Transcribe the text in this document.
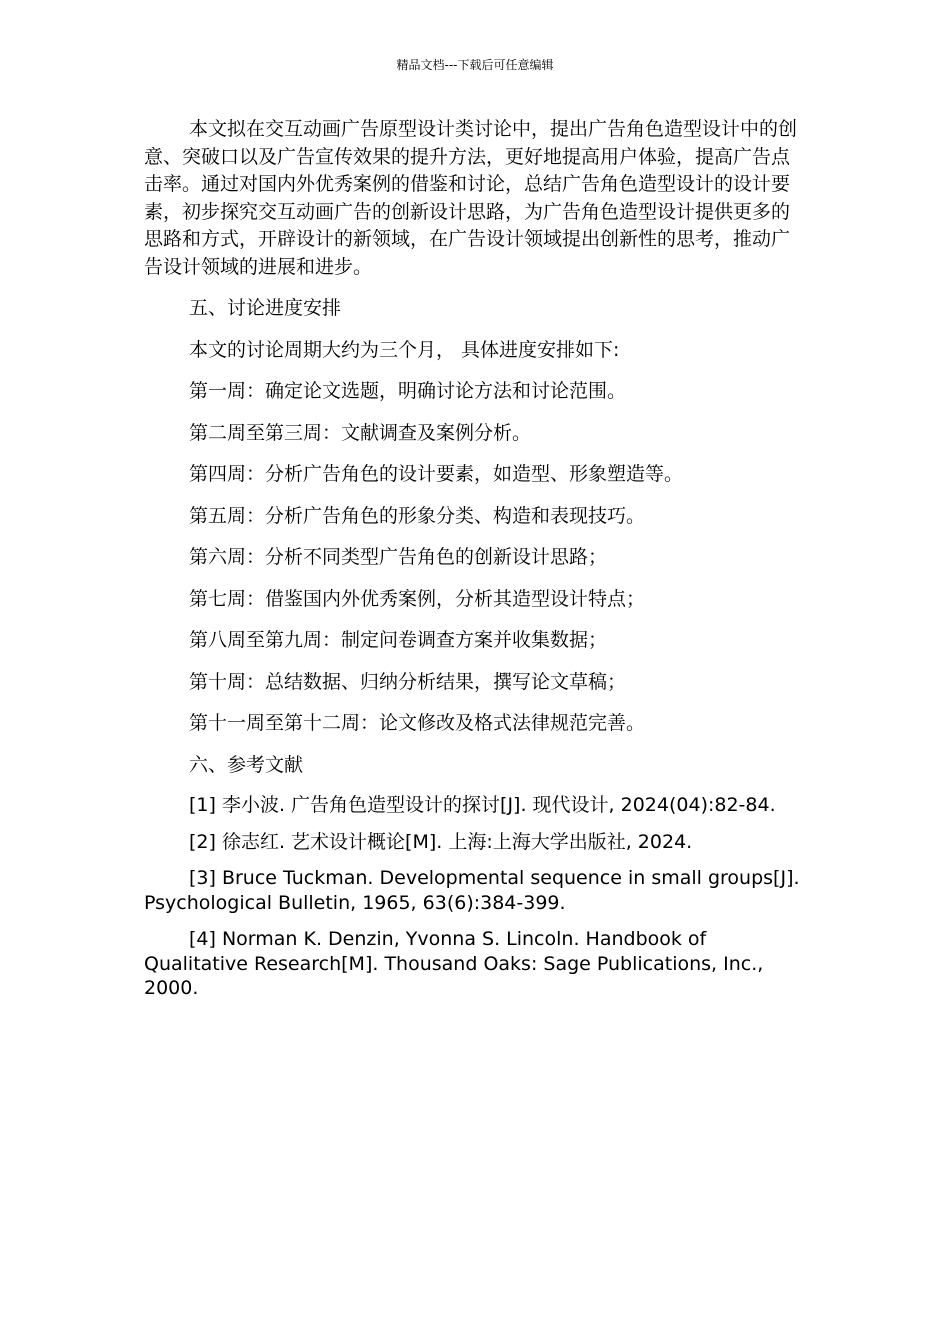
精品文档---下载后可任意编辑

本文拟在交互动画广告原型设计类讨论中，提出广告角色造型设计中的创意、突破口以及广告宣传效果的提升方法，更好地提高用户体验，提高广告点击率。通过对国内外优秀案例的借鉴和讨论，总结广告角色造型设计的设计要素，初步探究交互动画广告的创新设计思路，为广告角色造型设计提供更多的思路和方式，开辟设计的新领域，在广告设计领域提出创新性的思考，推动广告设计领域的进展和进步。

五、讨论进度安排

本文的讨论周期大约为三个月， 具体进度安排如下:

第一周：确定论文选题，明确讨论方法和讨论范围。

第二周至第三周：文献调查及案例分析。

第四周：分析广告角色的设计要素，如造型、形象塑造等。

第五周：分析广告角色的形象分类、构造和表现技巧。

第六周：分析不同类型广告角色的创新设计思路；

第七周：借鉴国内外优秀案例，分析其造型设计特点；

第八周至第九周：制定问卷调查方案并收集数据；

第十周：总结数据、归纳分析结果，撰写论文草稿；

第十一周至第十二周：论文修改及格式法律规范完善。

六、参考文献

[1] 李小波. 广告角色造型设计的探讨[J]. 现代设计, 2024(04):82-84.

[2] 徐志红. 艺术设计概论[M]. 上海:上海大学出版社, 2024.

[3] Bruce Tuckman. Developmental sequence in small groups[J]. Psychological Bulletin, 1965, 63(6):384-399.

[4] Norman K. Denzin, Yvonna S. Lincoln. Handbook of Qualitative Research[M]. Thousand Oaks: Sage Publications, Inc., 2000.
